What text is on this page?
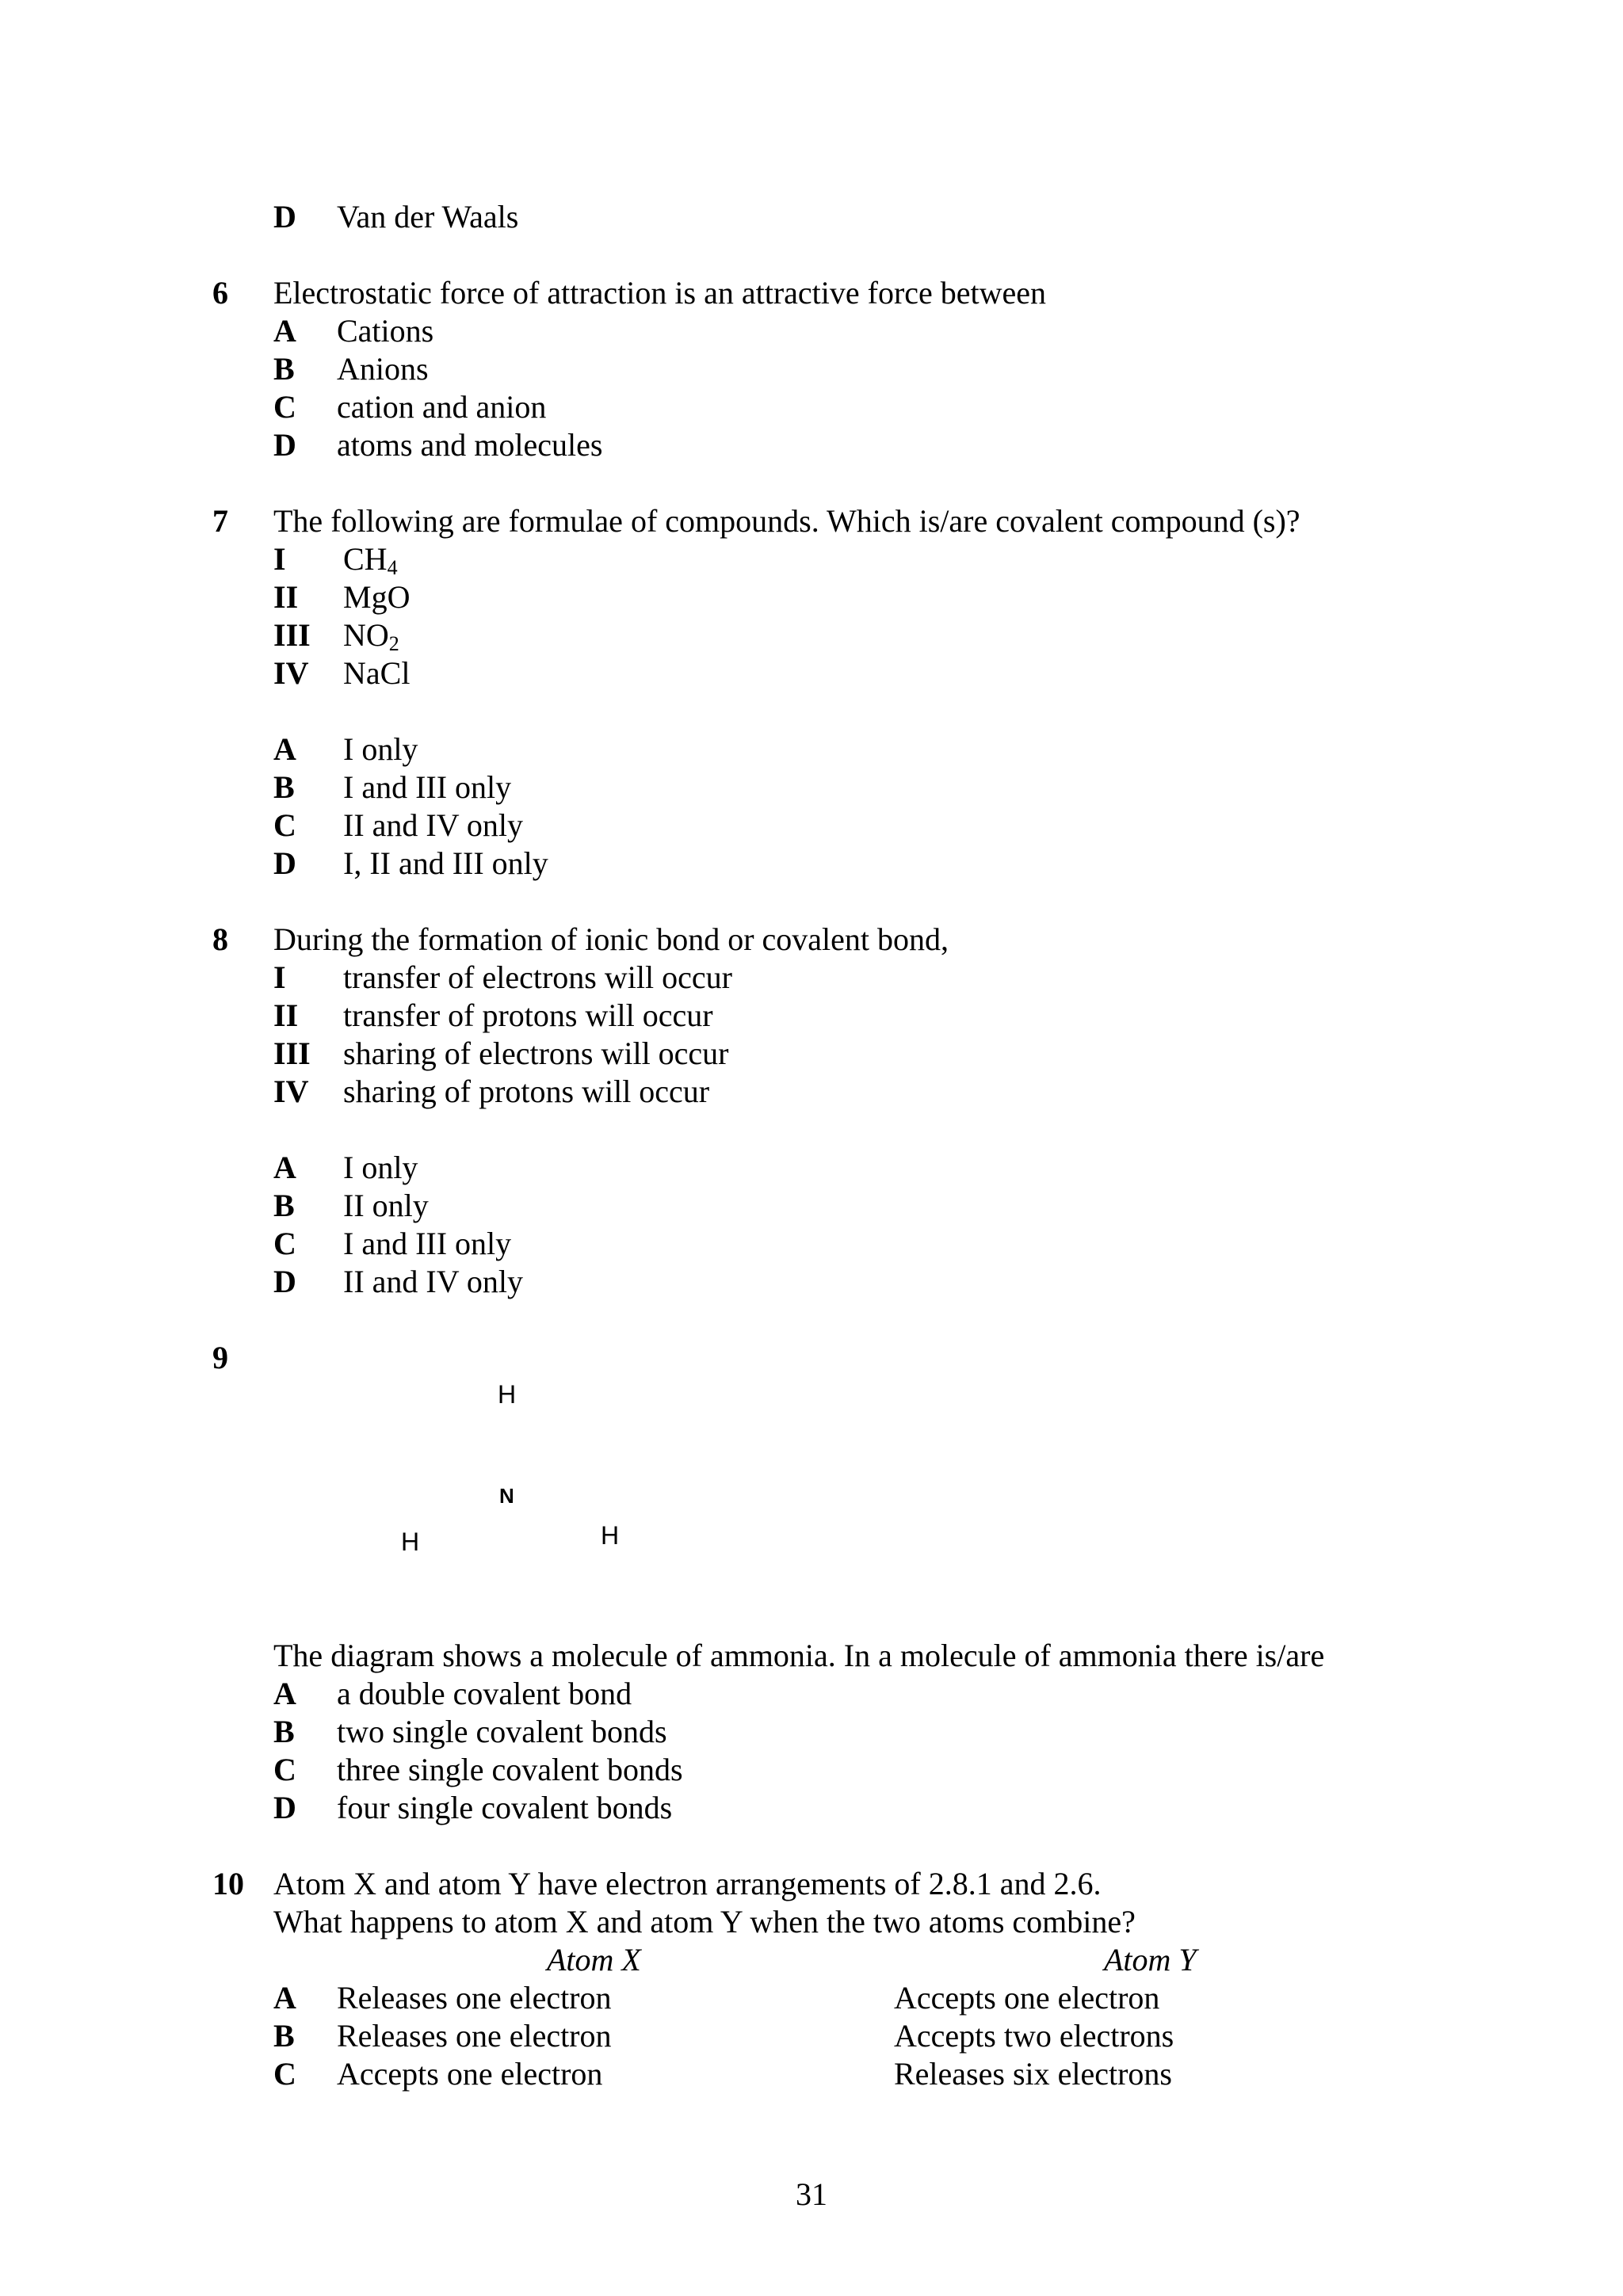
D Van der Waals
6 Electrostatic force of attraction is an attractive force between
A Cations
B Anions
C cation and anion
D atoms and molecules
7 The following are formulae of compounds. Which is/are covalent compound (s)?
I $CH_4$
II MgO
III $NO_2$
IV NaCl
A I only
B I and III only
C II and IV only
D I, II and III only
8 During the formation of ionic bond or covalent bond,
I transfer of electrons will occur
II transfer of protons will occur
III sharing of electrons will occur
IV sharing of protons will occur
A I only
B II only
C I and III only
D II and IV only
9
H
N
H	H
The diagram shows a molecule of ammonia. In a molecule of ammonia there is/are
A a double covalent bond
B two single covalent bonds
C three single covalent bonds
D four single covalent bonds
10 Atom X and atom Y have electron arrangements of 2.8.1 and 2.6.
What happens to atom X and atom Y when the two atoms combine?
Atom X	Atom Y
A Releases one electron	Accepts one electron
B Releases one electron	Accepts two electrons
C Accepts one electron	Releases six electrons
31
